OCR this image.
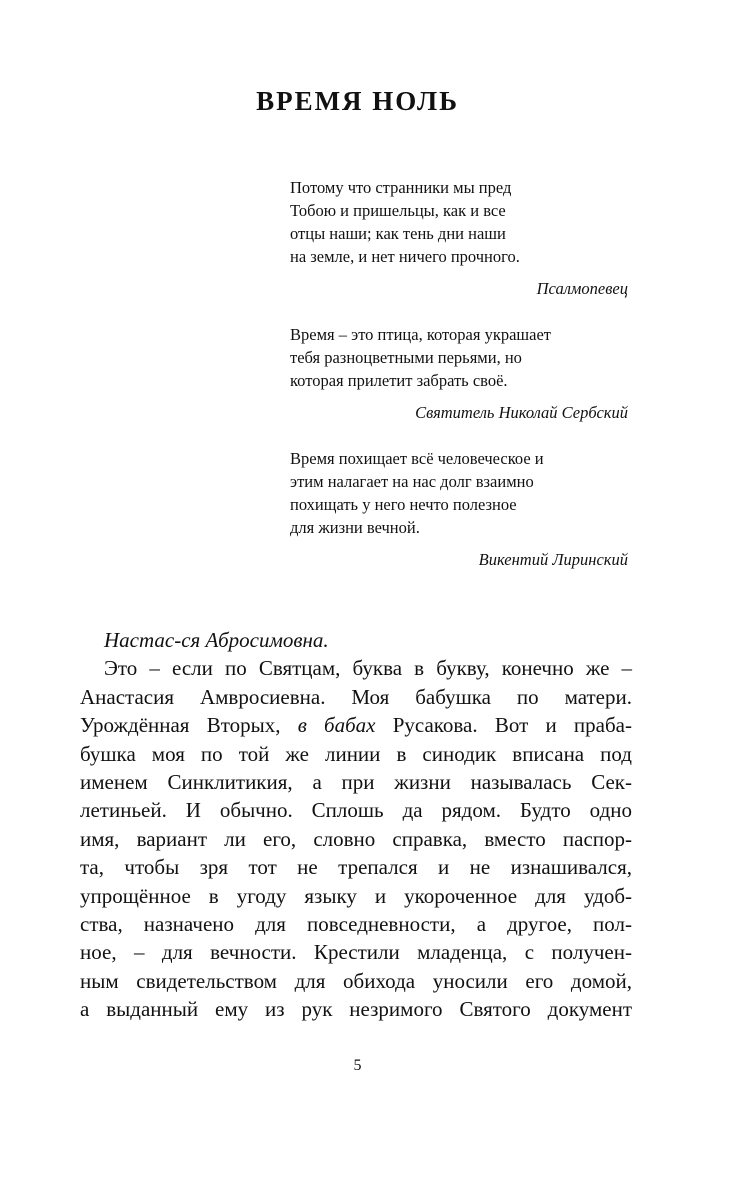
ВРЕМЯ НОЛЬ

Потому что странники мы пред
Тобою и пришельцы, как и все
отцы наши; как тень дни наши
на земле, и нет ничего прочного.

Псалмопевец

Время – это птица, которая украшает
тебя разноцветными перьями, но
которая прилетит забрать своё.

Святитель Николай Сербский

Время похищает всё человеческое и
этим налагает на нас долг взаимно
похищать у него нечто полезное
для жизни вечной.

Викентий Лиринский

Настас-ся Абросимовна.
Это – если по Святцам, буква в букву, конечно же –
Анастасия Амвросиевна. Моя бабушка по матери.
Урождённая Вторых, в бабах Русакова. Вот и праба-
бушка моя по той же линии в синодик вписана под
именем Синклитикия, а при жизни называлась Сек-
летиньей. И обычно. Сплошь да рядом. Будто одно
имя, вариант ли его, словно справка, вместо паспор-
та, чтобы зря тот не трепался и не изнашивался,
упрощённое в угоду языку и укороченное для удоб-
ства, назначено для повседневности, а другое, пол-
ное, – для вечности. Крестили младенца, с получен-
ным свидетельством для обихода уносили его домой,
а выданный ему из рук незримого Святого документ
5
